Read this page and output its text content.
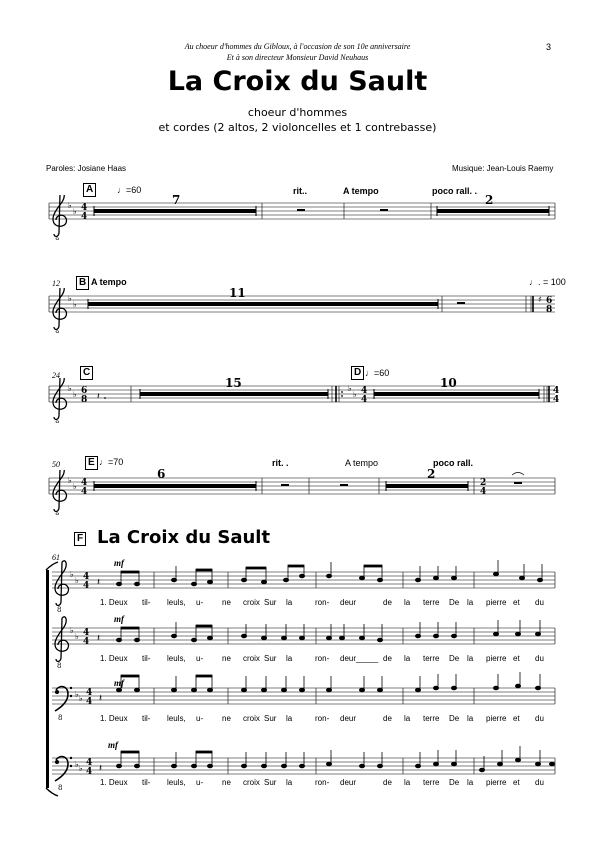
Au choeur d'hommes du Gibloux, à l'occasion de son 10e anniversaire
Et à son directeur Monsieur David Neuhaus
3
La Croix du Sault
choeur d'hommes
et cordes (2 altos, 2 violoncelles et 1 contrebasse)
Paroles: Josiane Haas	Musique: Jean-Louis Raemy
A	♩=60
7
rit..	A tempo	poco rall. .
2
♭
♭ 4
4
12	B A tempo
11
♩. = 100
♭
♭
♯ 6
8
24	C	D ♩=60
15	10
♭
♭ 6
8 𝄽
♭
♭ 4
4
4
4
50	E ♩=70
6
rit. .	A tempo	poco rall.
2
♭
♭ 4
4
2
4
F La Croix du Sault
61
♭
♭ 4
4 𝄽
♭
♭ 4
4 𝄽
♭ ♭
4
4 𝄽
♭ ♭
4
4 𝄽
mf
mf
mf
mf
1. Deux til- leuls, u- ne croix Sur la	ron- deur	de la terre De la pierre et du
1. Deux til- leuls, u- ne croix Sur la	ron- deur_____ de la terre De la pierre et du
1. Deux til- leuls, u- ne croix Sur la	ron- deur	de la terre De la pierre et du
1. Deux til- leuls, u- ne croix Sur la	ron- deur	de la terre De la pierre et du
